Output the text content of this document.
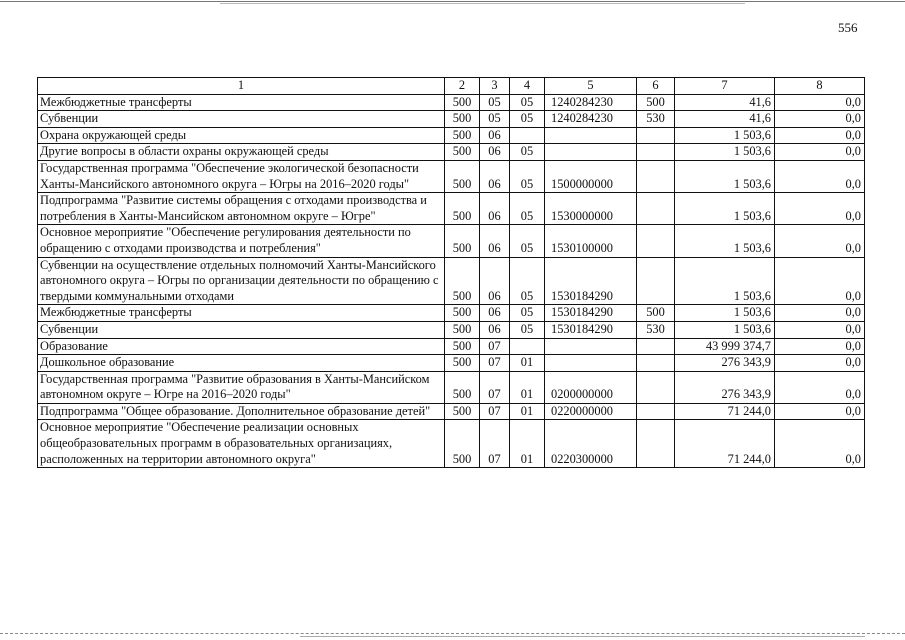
556
1	2	3	4	5	6	7	8
Межбюджетные трансферты	500	05	05	1240284230	500	41,6	0,0
Субвенции	500	05	05	1240284230	530	41,6	0,0
Охрана окружающей среды	500	06				1 503,6	0,0
Другие вопросы в области охраны окружающей среды	500	06	05			1 503,6	0,0
Государственная программа "Обеспечение экологической безопасности Ханты-Мансийского автономного округа – Югры на 2016–2020 годы"	500	06	05	1500000000		1 503,6	0,0
Подпрограмма "Развитие системы обращения с отходами производства и потребления в Ханты-Мансийском автономном округе – Югре"	500	06	05	1530000000		1 503,6	0,0
Основное мероприятие "Обеспечение регулирования деятельности по обращению с отходами производства и потребления"	500	06	05	1530100000		1 503,6	0,0
Субвенции на осуществление отдельных полномочий Ханты-Мансийского автономного округа – Югры по организации деятельности по обращению с твердыми коммунальными отходами	500	06	05	1530184290		1 503,6	0,0
Межбюджетные трансферты	500	06	05	1530184290	500	1 503,6	0,0
Субвенции	500	06	05	1530184290	530	1 503,6	0,0
Образование	500	07				43 999 374,7	0,0
Дошкольное образование	500	07	01			276 343,9	0,0
Государственная программа "Развитие образования в Ханты-Мансийском автономном округе – Югре на 2016–2020 годы"	500	07	01	0200000000		276 343,9	0,0
Подпрограмма "Общее образование. Дополнительное образование детей"	500	07	01	0220000000		71 244,0	0,0
Основное мероприятие "Обеспечение реализации основных общеобразовательных программ в образовательных организациях, расположенных на территории автономного округа"	500	07	01	0220300000		71 244,0	0,0
